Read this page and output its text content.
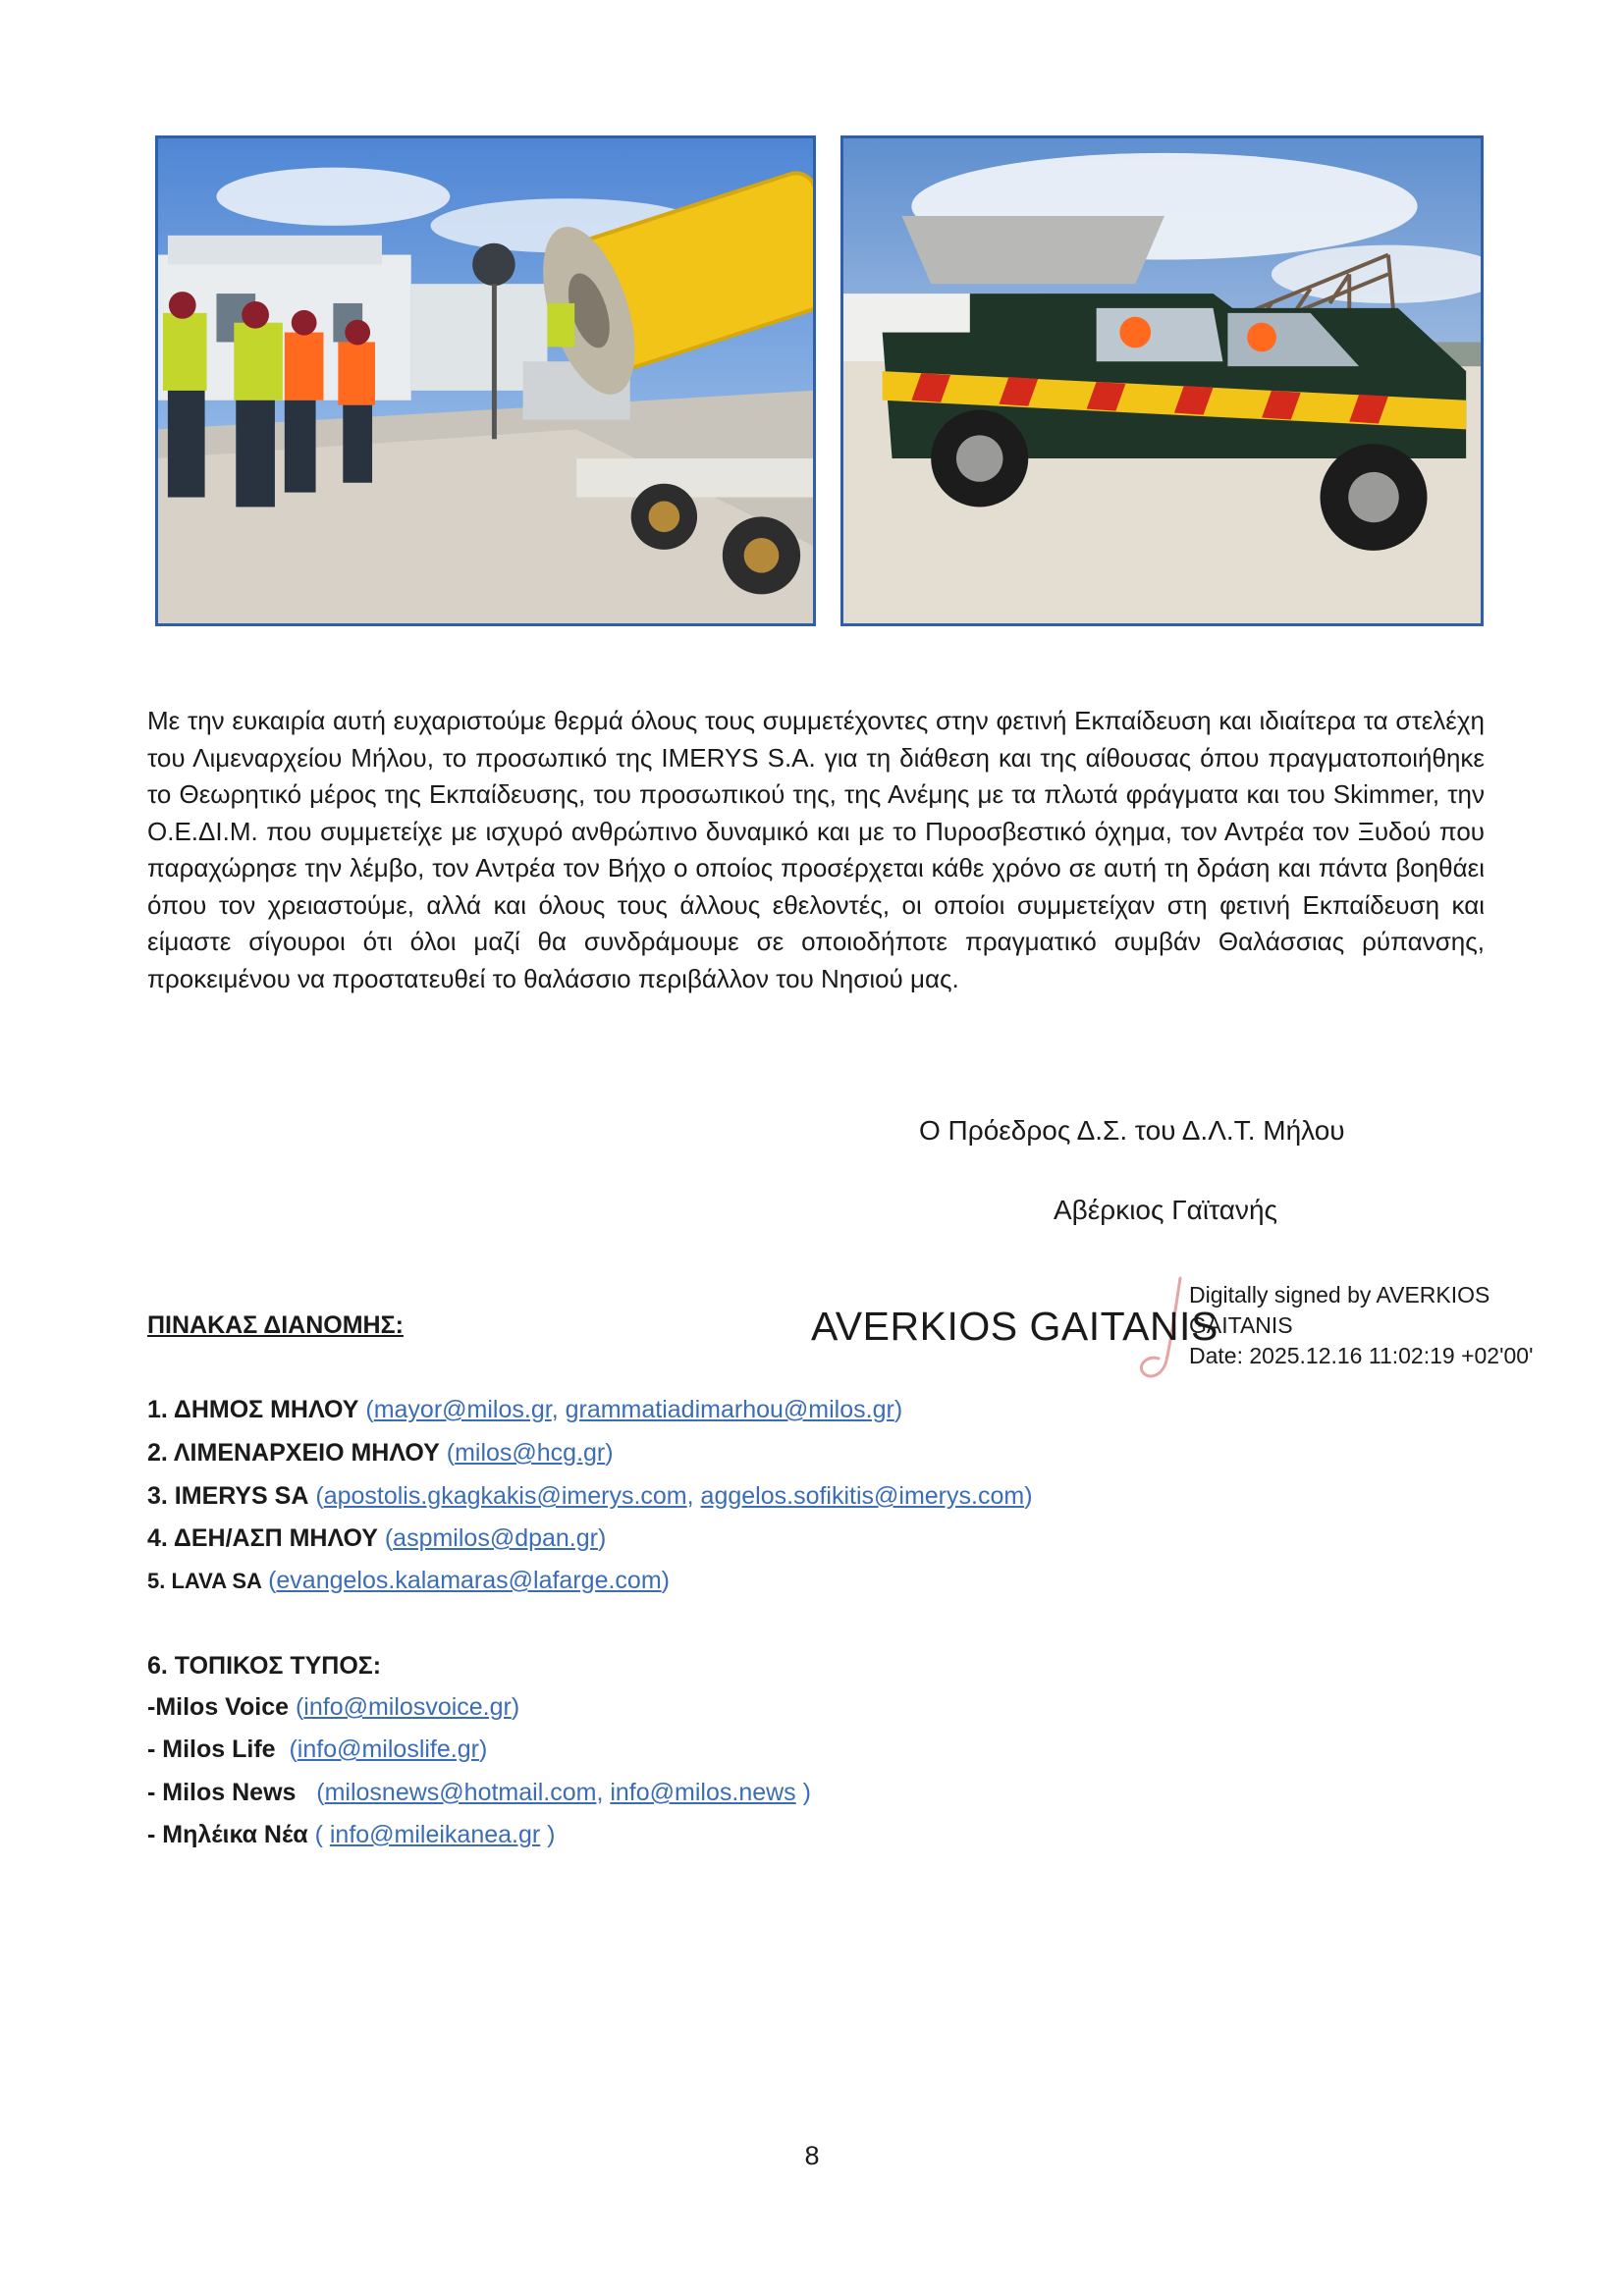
Με την ευκαιρία αυτή ευχαριστούμε θερμά όλους τους συμμετέχοντες στην φετινή Εκπαίδευση και ιδιαίτερα τα στελέχη του Λιμεναρχείου Μήλου, το προσωπικό της IMERYS S.A. για τη διάθεση και της αίθουσας όπου πραγματοποιήθηκε το Θεωρητικό μέρος της Εκπαίδευσης, του προσωπικού της, της Ανέμης με τα πλωτά φράγματα και του Skimmer, την Ο.Ε.ΔΙ.Μ. που συμμετείχε με ισχυρό ανθρώπινο δυναμικό και με το Πυροσβεστικό όχημα, τον Αντρέα τον Ξυδού που παραχώρησε την λέμβο, τον Αντρέα τον Βήχο ο οποίος προσέρχεται κάθε χρόνο σε αυτή τη δράση και πάντα βοηθάει όπου τον χρειαστούμε, αλλά και όλους τους άλλους εθελοντές, οι οποίοι συμμετείχαν στη φετινή Εκπαίδευση και είμαστε σίγουροι ότι όλοι μαζί θα συνδράμουμε σε οποιοδήποτε πραγματικό συμβάν Θαλάσσιας ρύπανσης, προκειμένου να προστατευθεί το θαλάσσιο περιβάλλον του Νησιού μας.

Ο Πρόεδρος Δ.Σ. του Δ.Λ.Τ. Μήλου
Αβέρκιος Γαϊτανής
ΠΙΝΑΚΑΣ ΔΙΑΝΟΜΗΣ:	AVERKIOS GAITANIS
Digitally signed by AVERKIOS
GAITANIS
Date: 2025.12.16 11:02:19 +02'00'
1. ΔΗΜΟΣ ΜΗΛΟΥ (mayor@milos.gr, grammatiadimarhou@milos.gr)
2. ΛΙΜΕΝΑΡΧΕΙΟ ΜΗΛΟΥ (milos@hcg.gr)
3. IMERYS SA (apostolis.gkagkakis@imerys.com, aggelos.sofikitis@imerys.com)
4. ΔΕΗ/ΑΣΠ ΜΗΛΟΥ (aspmilos@dpan.gr)
5. LAVA SA (evangelos.kalamaras@lafarge.com)
6. ΤΟΠΙΚΟΣ ΤΥΠΟΣ:
-Milos Voice (info@milosvoice.gr)
- Milos Life (info@miloslife.gr)
- Milos News (milosnews@hotmail.com, info@milos.news )
- Μηλέικα Νέα ( info@mileikanea.gr )
8
